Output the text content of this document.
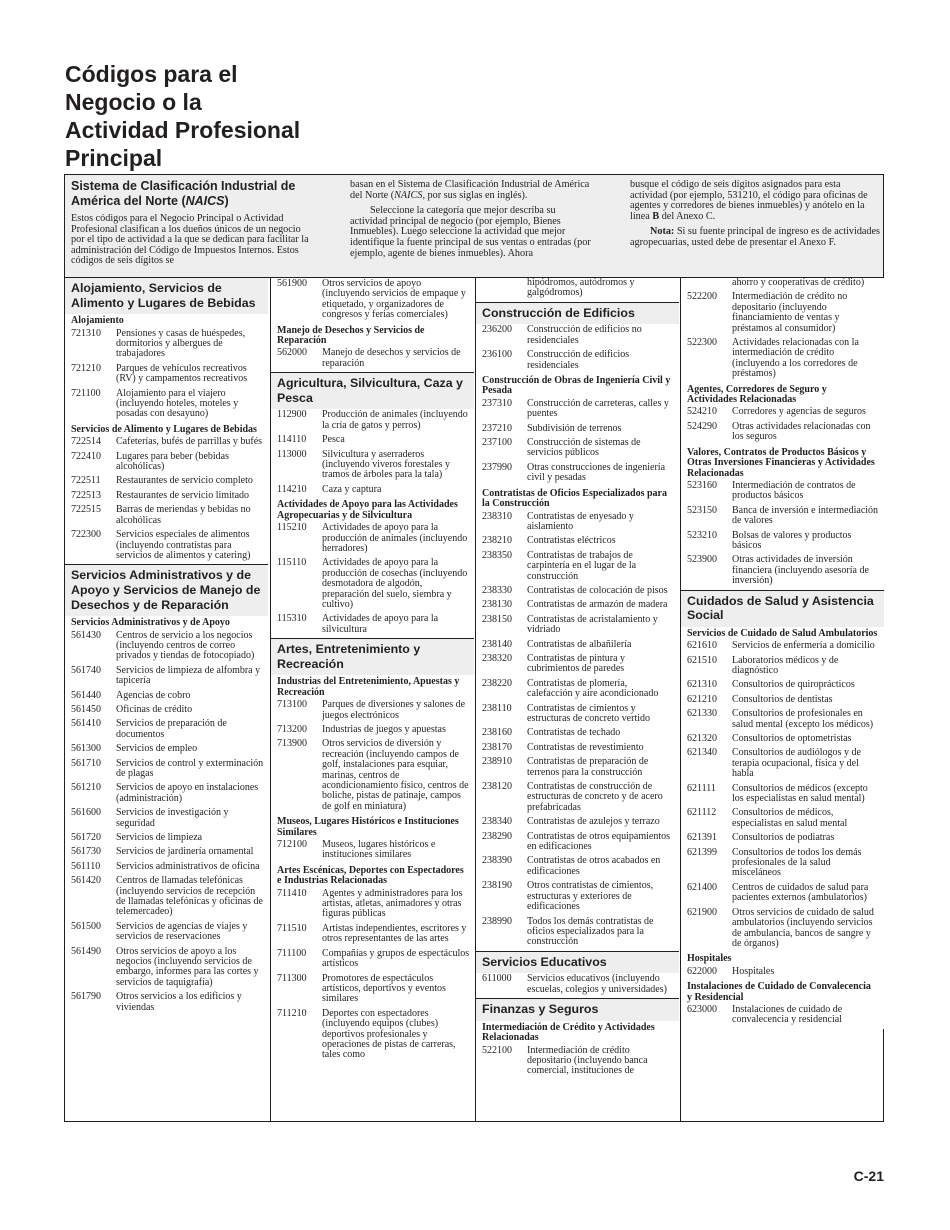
Códigos para el
Negocio o la
Actividad Profesional
Principal
Sistema de Clasificación Industrial de América del Norte (NAICS)

Estos códigos para el Negocio Principal o Actividad Profesional clasifican a los dueños únicos de un negocio por el tipo de actividad a la que se dedican para facilitar la administración del Código de Impuestos Internos. Estos códigos de seis dígitos se

basan en el Sistema de Clasificación Industrial de América del Norte (NAICS, por sus siglas en inglés).

Seleccione la categoría que mejor describa su actividad principal de negocio (por ejemplo, Bienes Inmuebles). Luego seleccione la actividad que mejor identifique la fuente principal de sus ventas o entradas (por ejemplo, agente de bienes inmuebles). Ahora

busque el código de seis dígitos asignados para esta actividad (por ejemplo, 531210, el código para oficinas de agentes y corredores de bienes inmuebles) y anótelo en la línea B del Anexo C.

Nota: Si su fuente principal de ingreso es de actividades agropecuarias, usted debe de presentar el Anexo F.

Alojamiento, Servicios de Alimento y Lugares de Bebidas
Alojamiento
721310	Pensiones y casas de huéspedes, dormitorios y albergues de trabajadores
721210	Parques de vehículos recreativos (RV) y campamentos recreativos
721100	Alojamiento para el viajero (incluyendo hoteles, moteles y posadas con desayuno)
Servicios de Alimento y Lugares de Bebidas
722514	Cafeterías, bufés de parrillas y bufés
722410	Lugares para beber (bebidas alcohólicas)
722511	Restaurantes de servicio completo
722513	Restaurantes de servicio limitado
722515	Barras de meriendas y bebidas no alcohólicas
722300	Servicios especiales de alimentos (incluyendo contratistas para servicios de alimentos y catering)
Servicios Administrativos y de Apoyo y Servicios de Manejo de Desechos y de Reparación
Servicios Administrativos y de Apoyo
561430	Centros de servicio a los negocios (incluyendo centros de correo privados y tiendas de fotocopiado)
561740	Servicios de limpieza de alfombra y tapicería
561440	Agencias de cobro
561450	Oficinas de crédito
561410	Servicios de preparación de documentos
561300	Servicios de empleo
561710	Servicios de control y exterminación de plagas
561210	Servicios de apoyo en instalaciones (administración)
561600	Servicios de investigación y seguridad
561720	Servicios de limpieza
561730	Servicios de jardinería ornamental
561110	Servicios administrativos de oficina
561420	Centros de llamadas telefónicas (incluyendo servicios de recepción de llamadas telefónicas y oficinas de telemercadeo)
561500	Servicios de agencias de viajes y servicios de reservaciones
561490	Otros servicios de apoyo a los negocios (incluyendo servicios de embargo, informes para las cortes y servicios de taquigrafía)
561790	Otros servicios a los edificios y viviendas
561900	Otros servicios de apoyo (incluyendo servicios de empaque y etiquetado, y organizadores de congresos y ferias comerciales)
Manejo de Desechos y Servicios de Reparación
562000	Manejo de desechos y servicios de reparación
Agricultura, Silvicultura, Caza y Pesca
112900	Producción de animales (incluyendo la cría de gatos y perros)
114110	Pesca
113000	Silvicultura y aserraderos (incluyendo viveros forestales y tramos de árboles para la tala)
114210	Caza y captura
Actividades de Apoyo para las Actividades Agropecuarias y de Silvicultura
115210	Actividades de apoyo para la producción de animales (incluyendo herradores)
115110	Actividades de apoyo para la producción de cosechas (incluyendo desmotadora de algodón, preparación del suelo, siembra y cultivo)
115310	Actividades de apoyo para la silvicultura
Artes, Entretenimiento y Recreación
Industrias del Entretenimiento, Apuestas y Recreación
713100	Parques de diversiones y salones de juegos electrónicos
713200	Industrias de juegos y apuestas
713900	Otros servicios de diversión y recreación (incluyendo campos de golf, instalaciones para esquiar, marinas, centros de acondicionamiento físico, centros de boliche, pistas de patinaje, campos de golf en miniatura)
Museos, Lugares Históricos e Instituciones Similares
712100	Museos, lugares históricos e instituciones similares
Artes Escénicas, Deportes con Espectadores e Industrias Relacionadas
711410	Agentes y administradores para los artistas, atletas, animadores y otras figuras públicas
711510	Artistas independientes, escritores y otros representantes de las artes
711100	Compañías y grupos de espectáculos artísticos
711300	Promotores de espectáculos artísticos, deportivos y eventos similares
711210	Deportes con espectadores (incluyendo equipos (clubes) deportivos profesionales y operaciones de pistas de carreras, tales como
hipódromos, autódromos y galgódromos)
Construcción de Edificios
236200	Construcción de edificios no residenciales
236100	Construcción de edificios residenciales
Construcción de Obras de Ingeniería Civil y Pesada
237310	Construcción de carreteras, calles y puentes
237210	Subdivisión de terrenos
237100	Construcción de sistemas de servicios públicos
237990	Otras construcciones de ingeniería civil y pesadas
Contratistas de Oficios Especializados para la Construcción
238310	Contratistas de enyesado y aislamiento
238210	Contratistas eléctricos
238350	Contratistas de trabajos de carpintería en el lugar de la construcción
238330	Contratistas de colocación de pisos
238130	Contratistas de armazón de madera
238150	Contratistas de acristalamiento y vidriado
238140	Contratistas de albañilería
238320	Contratistas de pintura y cubrimientos de paredes
238220	Contratistas de plomería, calefacción y aire acondicionado
238110	Contratistas de cimientos y estructuras de concreto vertido
238160	Contratistas de techado
238170	Contratistas de revestimiento
238910	Contratistas de preparación de terrenos para la construcción
238120	Contratistas de construcción de estructuras de concreto y de acero prefabricadas
238340	Contratistas de azulejos y terrazo
238290	Contratistas de otros equipamientos en edificaciones
238390	Contratistas de otros acabados en edificaciones
238190	Otros contratistas de cimientos, estructuras y exteriores de edificaciones
238990	Todos los demás contratistas de oficios especializados para la construcción
Servicios Educativos
611000	Servicios educativos (incluyendo escuelas, colegios y universidades)
Finanzas y Seguros
Intermediación de Crédito y Actividades Relacionadas
522100	Intermediación de crédito depositario (incluyendo banca comercial, instituciones de
ahorro y cooperativas de crédito)
522200	Intermediación de crédito no depositario (incluyendo financiamiento de ventas y préstamos al consumidor)
522300	Actividades relacionadas con la intermediación de crédito (incluyendo a los corredores de préstamos)
Agentes, Corredores de Seguro y Actividades Relacionadas
524210	Corredores y agencias de seguros
524290	Otras actividades relacionadas con los seguros
Valores, Contratos de Productos Básicos y Otras Inversiones Financieras y Actividades Relacionadas
523160	Intermediación de contratos de productos básicos
523150	Banca de inversión e intermediación de valores
523210	Bolsas de valores y productos básicos
523900	Otras actividades de inversión financiera (incluyendo asesoría de inversión)
Cuidados de Salud y Asistencia Social
Servicios de Cuidado de Salud Ambulatorios
621610	Servicios de enfermería a domicilio
621510	Laboratorios médicos y de diagnóstico
621310	Consultorios de quiroprácticos
621210	Consultorios de dentistas
621330	Consultorios de profesionales en salud mental (excepto los médicos)
621320	Consultorios de optometristas
621340	Consultorios de audiólogos y de terapia ocupacional, física y del habla
621111	Consultorios de médicos (excepto los especialistas en salud mental)
621112	Consultorios de médicos, especialistas en salud mental
621391	Consultorios de podiatras
621399	Consultorios de todos los demás profesionales de la salud misceláneos
621400	Centros de cuidados de salud para pacientes externos (ambulatorios)
621900	Otros servicios de cuidado de salud ambulatorios (incluyendo servicios de ambulancia, bancos de sangre y de órganos)
Hospitales
622000	Hospitales
Instalaciones de Cuidado de Convalecencia y Residencial
623000	Instalaciones de cuidado de convalecencia y residencial
C-21
